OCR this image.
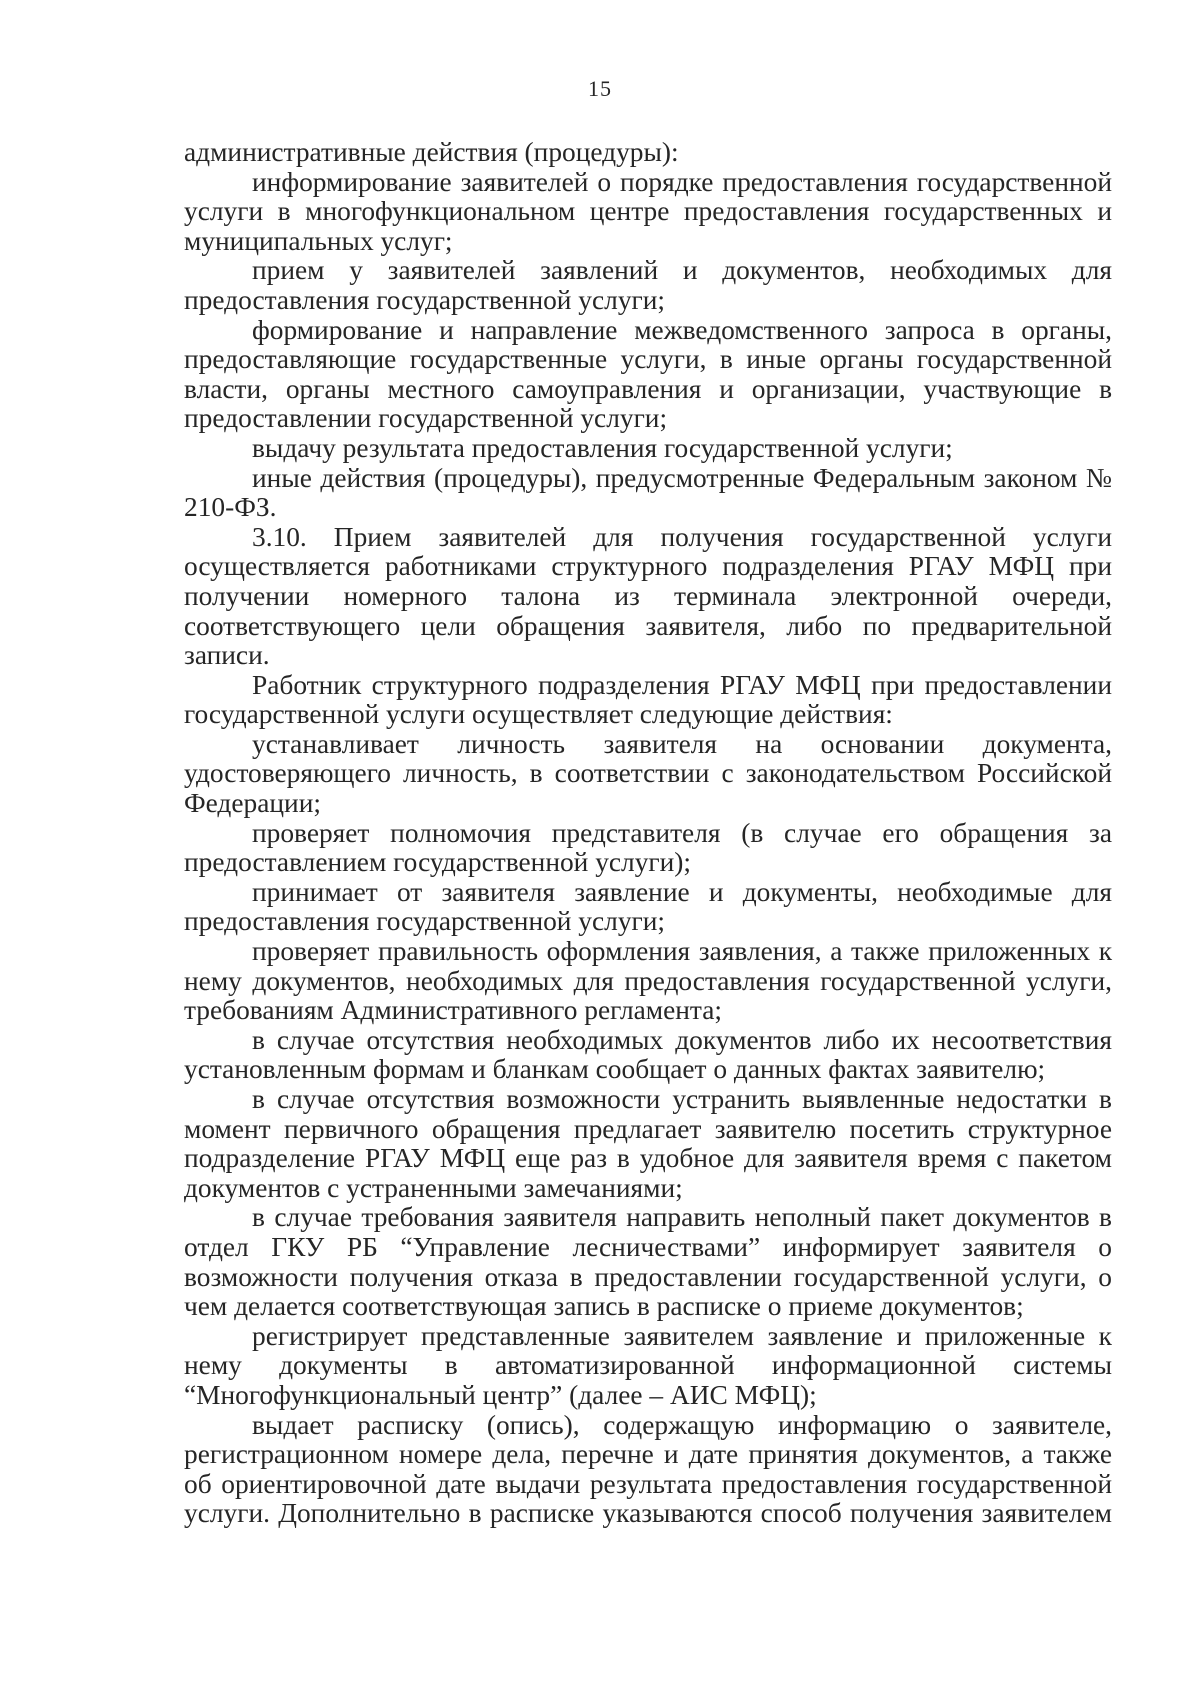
15

административные действия (процедуры):

информирование заявителей о порядке предоставления государственной услуги в многофункциональном центре предоставления государственных и муниципальных услуг;

прием у заявителей заявлений и документов, необходимых для предоставления государственной услуги;

формирование и направление межведомственного запроса в органы, предоставляющие государственные услуги, в иные органы государственной власти, органы местного самоуправления и организации, участвующие в предоставлении государственной услуги;

выдачу результата предоставления государственной услуги;

иные действия (процедуры), предусмотренные Федеральным законом № 210-ФЗ.

3.10. Прием заявителей для получения государственной услуги осуществляется работниками структурного подразделения РГАУ МФЦ при получении номерного талона из терминала электронной очереди, соответствующего цели обращения заявителя, либо по предварительной записи.

Работник структурного подразделения РГАУ МФЦ при предоставлении государственной услуги осуществляет следующие действия:

устанавливает личность заявителя на основании документа, удостоверяющего личность, в соответствии с законодательством Российской Федерации;

проверяет полномочия представителя (в случае его обращения за предоставлением государственной услуги);

принимает от заявителя заявление и документы, необходимые для предоставления государственной услуги;

проверяет правильность оформления заявления, а также приложенных к нему документов, необходимых для предоставления государственной услуги, требованиям Административного регламента;

в случае отсутствия необходимых документов либо их несоответствия установленным формам и бланкам сообщает о данных фактах заявителю;

в случае отсутствия возможности устранить выявленные недостатки в момент первичного обращения предлагает заявителю посетить структурное подразделение РГАУ МФЦ еще раз в удобное для заявителя время с пакетом документов с устраненными замечаниями;

в случае требования заявителя направить неполный пакет документов в отдел ГКУ РБ “Управление лесничествами” информирует заявителя о возможности получения отказа в предоставлении государственной услуги, о чем делается соответствующая запись в расписке о приеме документов;

регистрирует представленные заявителем заявление и приложенные к нему документы в автоматизированной информационной системы “Многофункциональный центр” (далее – АИС МФЦ);

выдает расписку (опись), содержащую информацию о заявителе, регистрационном номере дела, перечне и дате принятия документов, а также об ориентировочной дате выдачи результата предоставления государственной услуги. Дополнительно в расписке указываются способ получения заявителем
